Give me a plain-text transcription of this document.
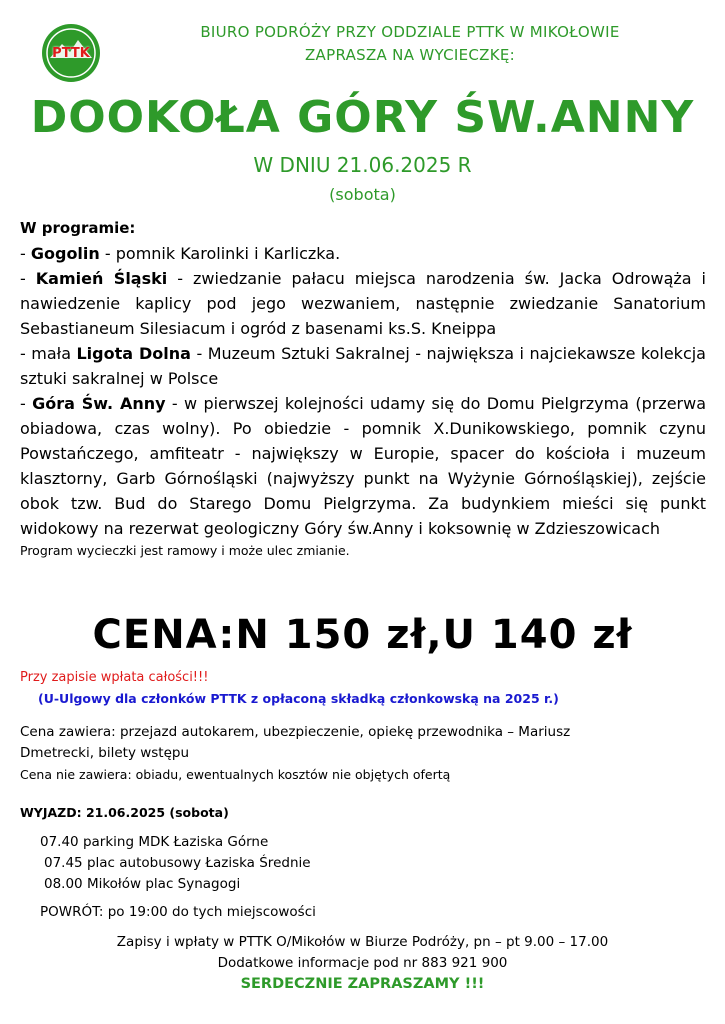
PTTK
BIURO PODRÓŻY PRZY ODDZIALE PTTK W MIKOŁOWIE
ZAPRASZA NA WYCIECZKĘ:
DOOKOŁA GÓRY ŚW.ANNY
W DNIU 21.06.2025 R
(sobota)

W programie:

- Gogolin - pomnik Karolinki i Karliczka.

- Kamień Śląski - zwiedzanie pałacu miejsca narodzenia św. Jacka Odrowąża i nawiedzenie kaplicy pod jego wezwaniem, następnie zwiedzanie Sanatorium Sebastianeum Silesiacum i ogród z basenami ks.S. Kneippa

- mała Ligota Dolna - Muzeum Sztuki Sakralnej - największa i najciekawsze kolekcja sztuki sakralnej w Polsce

- Góra Św. Anny - w pierwszej kolejności udamy się do Domu Pielgrzyma (przerwa obiadowa, czas wolny). Po obiedzie - pomnik X.Dunikowskiego, pomnik czynu Powstańczego, amfiteatr - największy w Europie, spacer do kościoła i muzeum klasztorny, Garb Górnośląski (najwyższy punkt na Wyżynie Górnośląskiej), zejście obok tzw. Bud do Starego Domu Pielgrzyma. Za budynkiem mieści się punkt widokowy na rezerwat geologiczny Góry św.Anny i koksownię w Zdzieszowicach

Program wycieczki jest ramowy i może ulec zmianie.

CENA:N 150 zł,U 140 zł
Przy zapisie wpłata całości!!!
(U-Ulgowy dla członków PTTK z opłaconą składką członkowską na 2025 r.)
Cena zawiera: przejazd autokarem, ubezpieczenie, opiekę przewodnika – Mariusz Dmetrecki, bilety wstępu
Cena nie zawiera: obiadu, ewentualnych kosztów nie objętych ofertą
WYJAZD: 21.06.2025 (sobota)
07.40 parking MDK Łaziska Górne
07.45 plac autobusowy Łaziska Średnie
08.00 Mikołów plac Synagogi
POWRÓT: po 19:00 do tych miejscowości
Zapisy i wpłaty w PTTK O/Mikołów w Biurze Podróży, pn – pt 9.00 – 17.00
Dodatkowe informacje pod nr 883 921 900
SERDECZNIE ZAPRASZAMY !!!
